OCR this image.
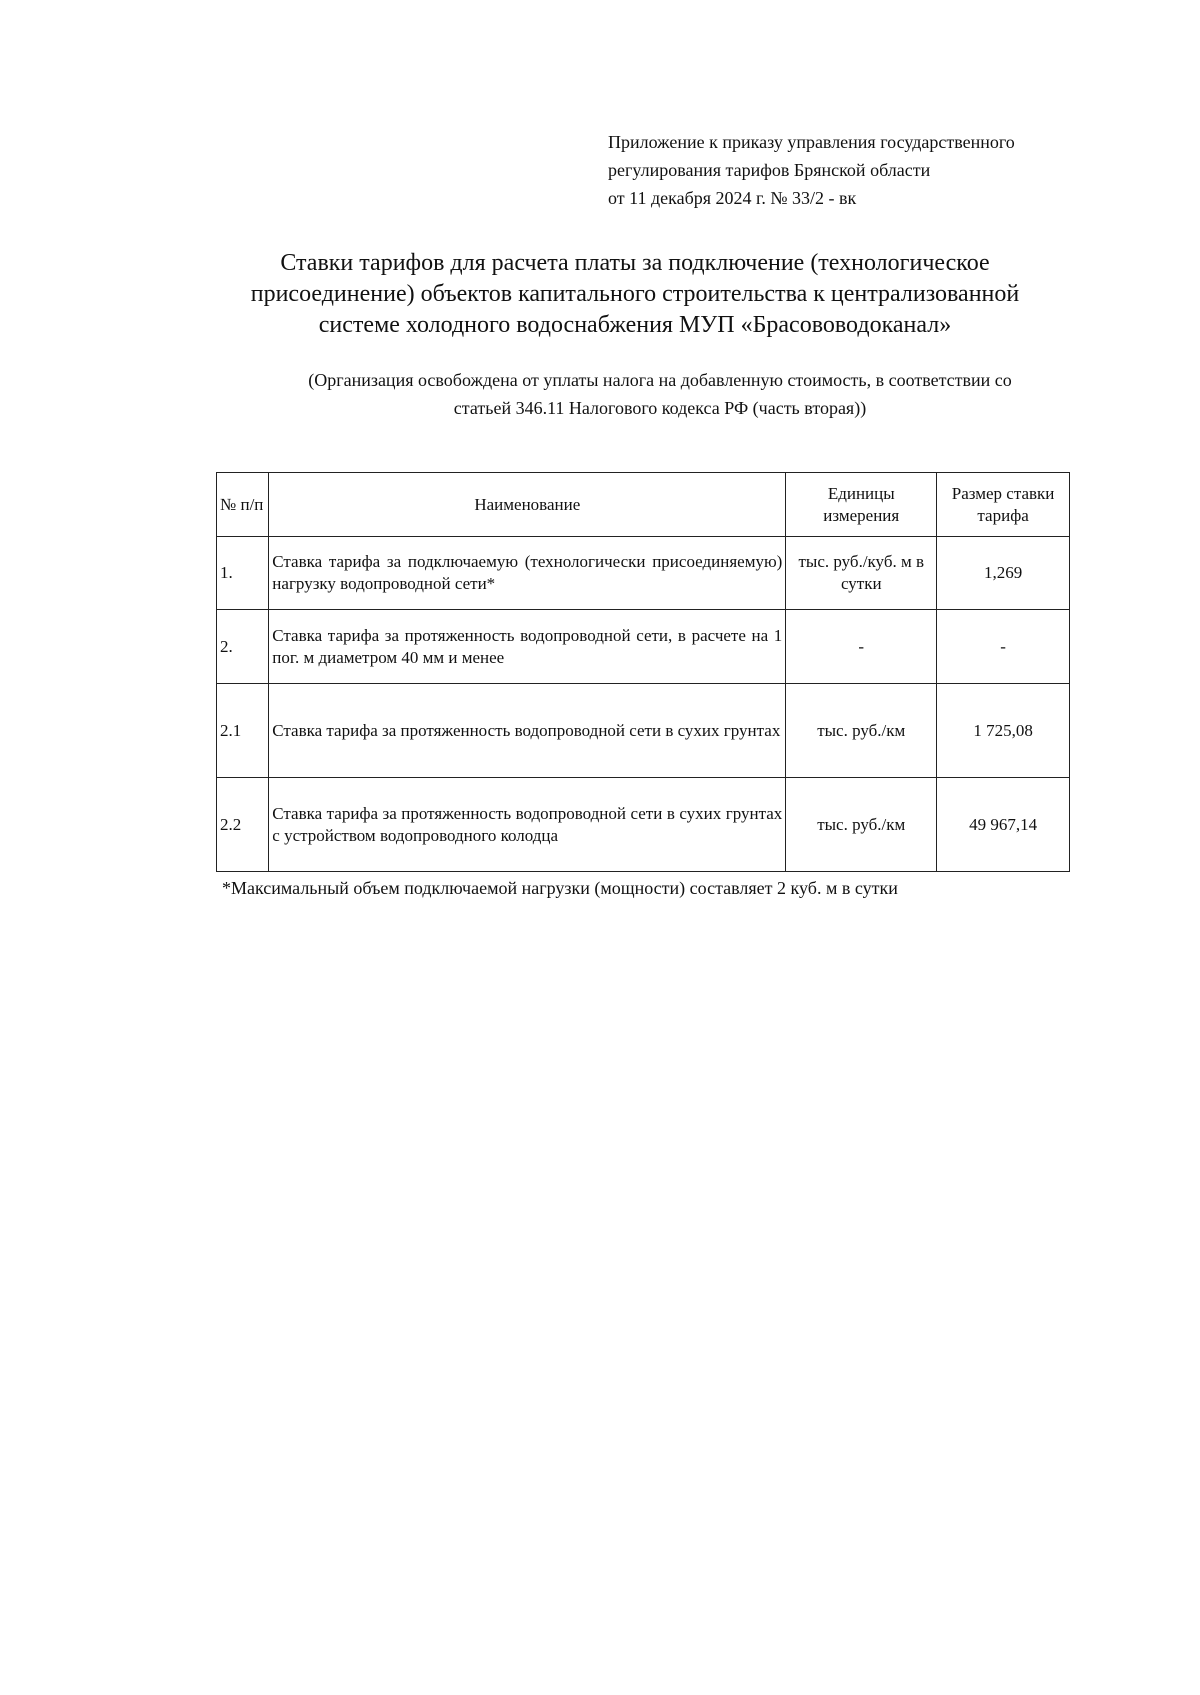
Приложение к приказу управления государственного
регулирования тарифов Брянской области
от 11 декабря 2024 г. № 33/2 - вк
Ставки тарифов для расчета платы за подключение (технологическое
присоединение) объектов капитального строительства к централизованной
системе холодного водоснабжения МУП «Брасововодоканал»
(Организация освобождена от уплаты налога на добавленную стоимость, в соответствии со
статьей 346.11 Налогового кодекса РФ (часть вторая))
№ п/п	Наименование	Единицы измерения	Размер ставки тарифа
1.	Ставка тарифа за подключаемую (технологически присоединяемую) нагрузку водопроводной сети*	тыс. руб./куб. м в сутки	1,269
2.	Ставка тарифа за протяженность водопроводной сети, в расчете на 1 пог. м диаметром 40 мм и менее	-	-
2.1	Ставка тарифа за протяженность водопроводной сети в сухих грунтах	тыс. руб./км	1 725,08
2.2	Ставка тарифа за протяженность водопроводной сети в сухих грунтах с устройством водопроводного колодца	тыс. руб./км	49 967,14
*Максимальный объем подключаемой нагрузки (мощности) составляет 2 куб. м в сутки
